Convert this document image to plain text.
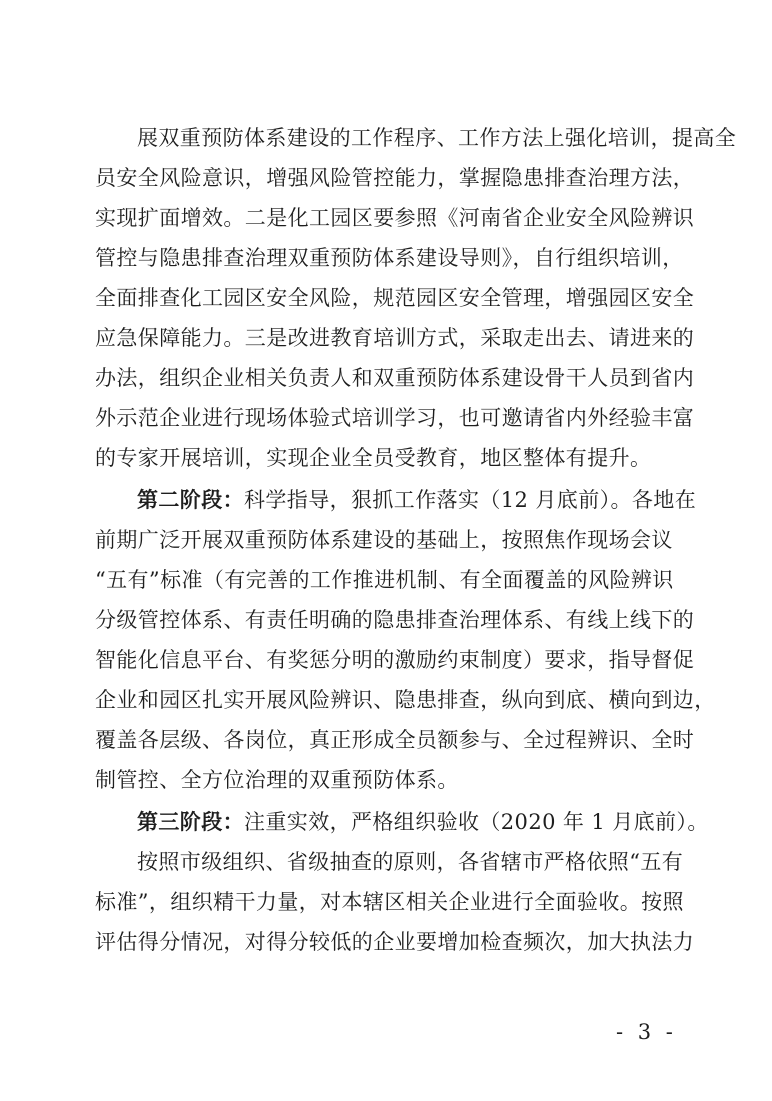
展双重预防体系建设的工作程序、工作方法上强化培训，提高全
员安全风险意识，增强风险管控能力，掌握隐患排查治理方法，
实现扩面增效。二是化工园区要参照《河南省企业安全风险辨识
管控与隐患排查治理双重预防体系建设导则》，自行组织培训，
全面排查化工园区安全风险，规范园区安全管理，增强园区安全
应急保障能力。三是改进教育培训方式，采取走出去、请进来的
办法，组织企业相关负责人和双重预防体系建设骨干人员到省内
外示范企业进行现场体验式培训学习，也可邀请省内外经验丰富
的专家开展培训，实现企业全员受教育，地区整体有提升。
第二阶段：科学指导，狠抓工作落实（12 月底前）。各地在
前期广泛开展双重预防体系建设的基础上，按照焦作现场会议
“五有”标准（有完善的工作推进机制、有全面覆盖的风险辨识
分级管控体系、有责任明确的隐患排查治理体系、有线上线下的
智能化信息平台、有奖惩分明的激励约束制度）要求，指导督促
企业和园区扎实开展风险辨识、隐患排查，纵向到底、横向到边，
覆盖各层级、各岗位，真正形成全员额参与、全过程辨识、全时
制管控、全方位治理的双重预防体系。
第三阶段：注重实效，严格组织验收（2020 年 1 月底前）。
按照市级组织、省级抽查的原则，各省辖市严格依照“五有
标准”，组织精干力量，对本辖区相关企业进行全面验收。按照
评估得分情况，对得分较低的企业要增加检查频次，加大执法力
- 3 -
